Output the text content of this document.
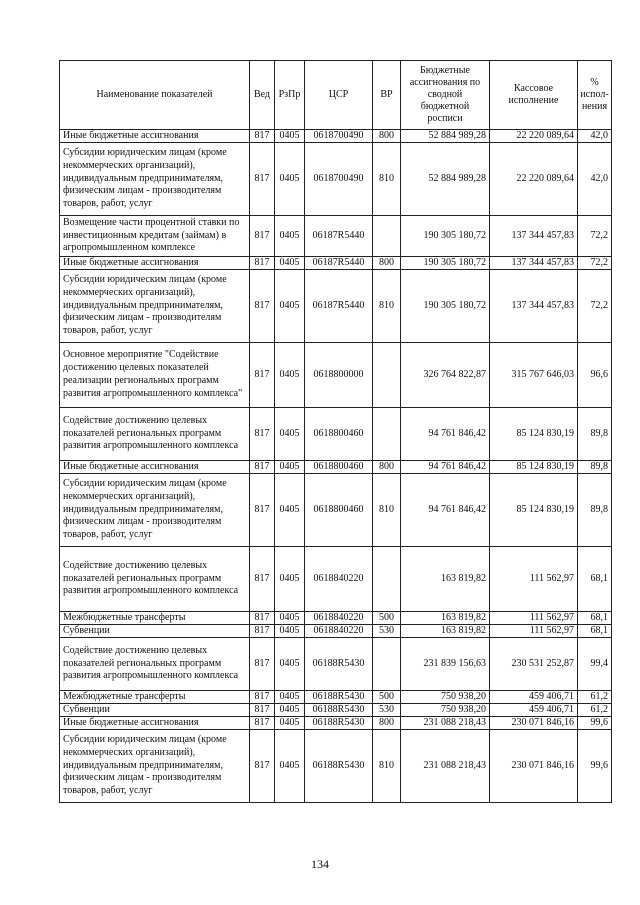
Наименование показателей	Вед	РзПр	ЦСР	ВР	Бюджетные ассигнования по сводной бюджетной росписи	Кассовое исполнение	% испол-нения
Иные бюджетные ассигнования	817	0405	0618700490	800	52 884 989,28	22 220 089,64	42,0
Субсидии юридическим лицам (кроме некоммерческих организаций), индивидуальным предпринимателям, физическим лицам - производителям товаров, работ, услуг	817	0405	0618700490	810	52 884 989,28	22 220 089,64	42,0
Возмещение части процентной ставки по инвестиционным кредитам (займам) в агропромышленном комплексе	817	0405	06187R5440		190 305 180,72	137 344 457,83	72,2
Иные бюджетные ассигнования	817	0405	06187R5440	800	190 305 180,72	137 344 457,83	72,2
Субсидии юридическим лицам (кроме некоммерческих организаций), индивидуальным предпринимателям, физическим лицам - производителям товаров, работ, услуг	817	0405	06187R5440	810	190 305 180,72	137 344 457,83	72,2
Основное мероприятие "Содействие достижению целевых показателей реализации региональных программ развития агропромышленного комплекса"	817	0405	0618800000		326 764 822,87	315 767 646,03	96,6
Содействие достижению целевых показателей региональных программ развития агропромышленного комплекса	817	0405	0618800460		94 761 846,42	85 124 830,19	89,8
Иные бюджетные ассигнования	817	0405	0618800460	800	94 761 846,42	85 124 830,19	89,8
Субсидии юридическим лицам (кроме некоммерческих организаций), индивидуальным предпринимателям, физическим лицам - производителям товаров, работ, услуг	817	0405	0618800460	810	94 761 846,42	85 124 830,19	89,8
Содействие достижению целевых показателей региональных программ развития агропромышленного комплекса	817	0405	0618840220		163 819,82	111 562,97	68,1
Межбюджетные трансферты	817	0405	0618840220	500	163 819,82	111 562,97	68,1
Субвенции	817	0405	0618840220	530	163 819,82	111 562,97	68,1
Содействие достижению целевых показателей региональных программ развития агропромышленного комплекса	817	0405	06188R5430		231 839 156,63	230 531 252,87	99,4
Межбюджетные трансферты	817	0405	06188R5430	500	750 938,20	459 406,71	61,2
Субвенции	817	0405	06188R5430	530	750 938,20	459 406,71	61,2
Иные бюджетные ассигнования	817	0405	06188R5430	800	231 088 218,43	230 071 846,16	99,6
Субсидии юридическим лицам (кроме некоммерческих организаций), индивидуальным предпринимателям, физическим лицам - производителям товаров, работ, услуг	817	0405	06188R5430	810	231 088 218,43	230 071 846,16	99,6
134
